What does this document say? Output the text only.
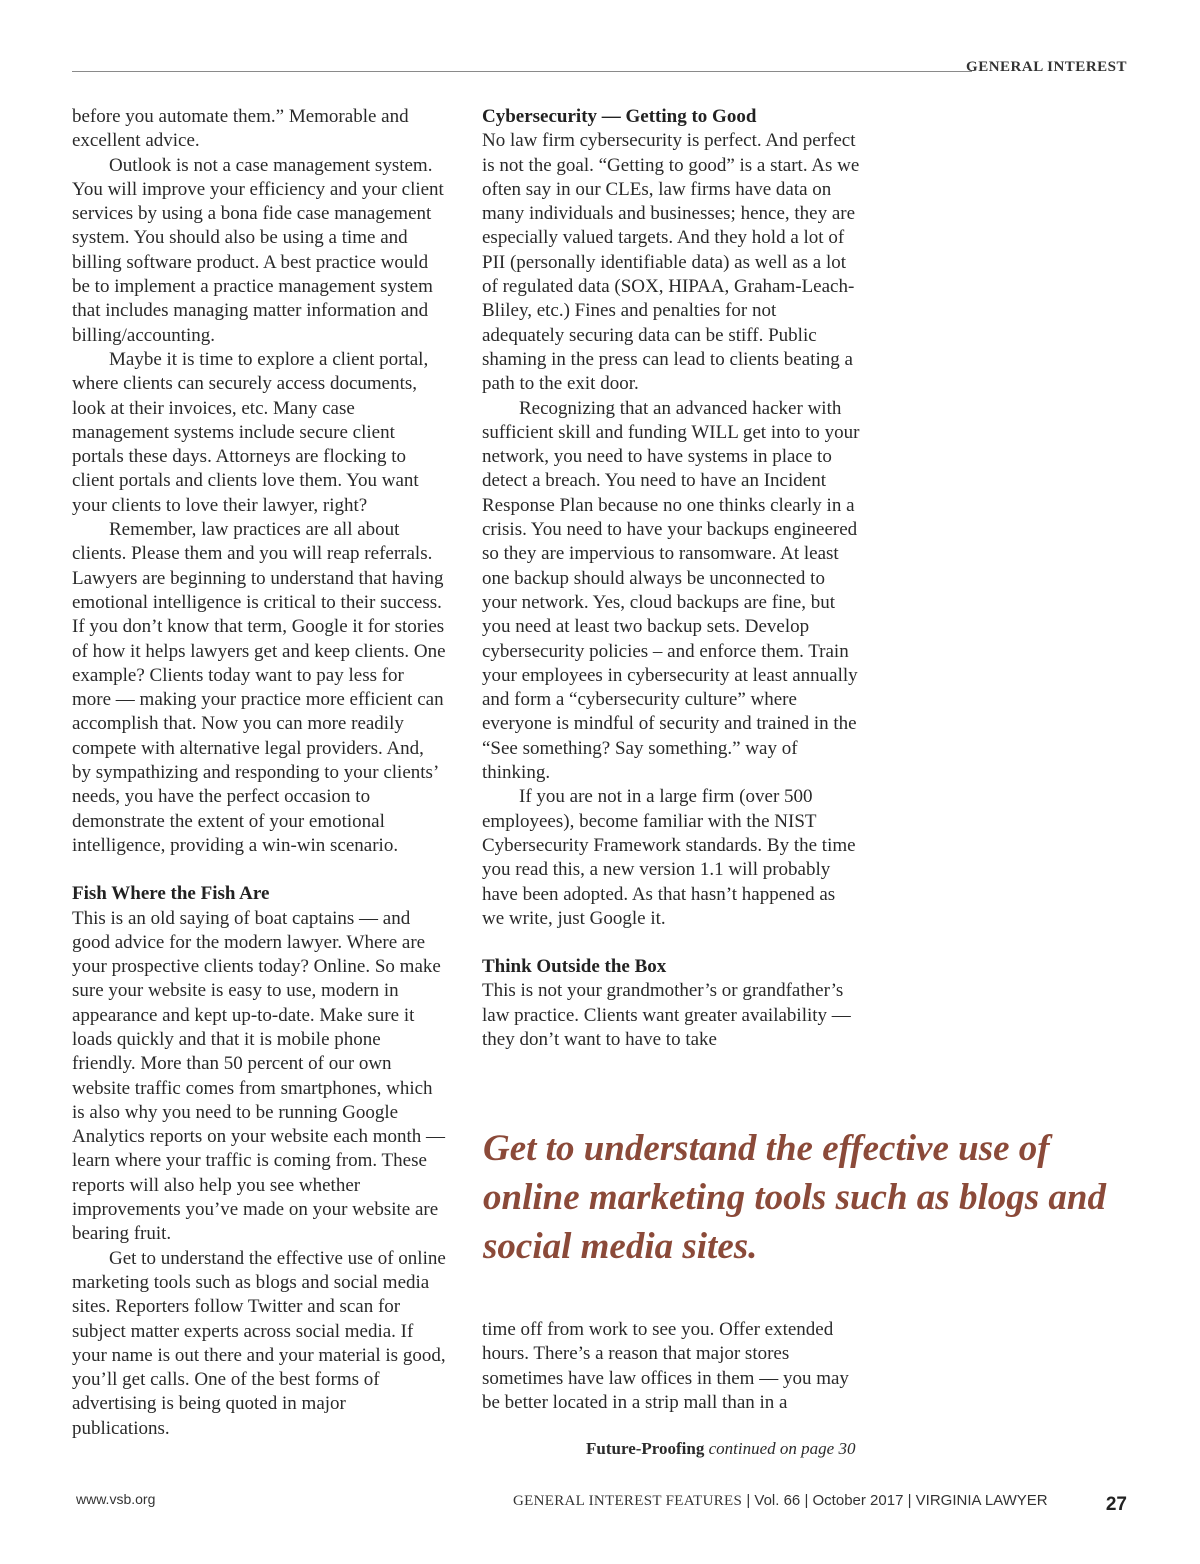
GENERAL INTEREST

before you automate them.” Memorable and excellent advice.

Outlook is not a case management system. You will improve your efficiency and your client services by using a bona fide case management system. You should also be using a time and billing software product. A best practice would be to implement a practice management system that includes managing matter information and billing/accounting.

Maybe it is time to explore a client portal, where clients can securely access documents, look at their invoices, etc. Many case management systems include secure client portals these days. Attorneys are flocking to client portals and clients love them. You want your clients to love their lawyer, right?

Remember, law practices are all about clients. Please them and you will reap referrals. Lawyers are beginning to understand that having emotional intelligence is critical to their success. If you don’t know that term, Google it for stories of how it helps lawyers get and keep clients. One example? Clients today want to pay less for more — making your practice more efficient can accomplish that. Now you can more readily compete with alternative legal providers. And, by sympathizing and responding to your clients’ needs, you have the perfect occasion to demonstrate the extent of your emotional intelligence, providing a win-win scenario.

Fish Where the Fish Are

This is an old saying of boat captains — and good advice for the modern lawyer. Where are your prospective clients today? Online. So make sure your website is easy to use, modern in appearance and kept up-to-date. Make sure it loads quickly and that it is mobile phone friendly. More than 50 percent of our own website traffic comes from smartphones, which is also why you need to be running Google Analytics reports on your website each month — learn where your traffic is coming from. These reports will also help you see whether improvements you’ve made on your website are bearing fruit.

Get to understand the effective use of online marketing tools such as blogs and social media sites. Reporters follow Twitter and scan for subject matter experts across social media. If your name is out there and your material is good, you’ll get calls. One of the best forms of advertising is being quoted in major publications.

Cybersecurity — Getting to Good

No law firm cybersecurity is perfect. And perfect is not the goal. “Getting to good” is a start. As we often say in our CLEs, law firms have data on many individuals and businesses; hence, they are especially valued targets. And they hold a lot of PII (personally identifiable data) as well as a lot of regulated data (SOX, HIPAA, Graham-Leach-Bliley, etc.) Fines and penalties for not adequately securing data can be stiff. Public shaming in the press can lead to clients beating a path to the exit door.

Recognizing that an advanced hacker with sufficient skill and funding WILL get into to your network, you need to have systems in place to detect a breach. You need to have an Incident Response Plan because no one thinks clearly in a crisis. You need to have your backups engineered so they are impervious to ransomware. At least one backup should always be unconnected to your network. Yes, cloud backups are fine, but you need at least two backup sets. Develop cybersecurity policies – and enforce them. Train your employees in cybersecurity at least annually and form a “cybersecurity culture” where everyone is mindful of security and trained in the “See something? Say something.” way of thinking.

If you are not in a large firm (over 500 employees), become familiar with the NIST Cybersecurity Framework standards. By the time you read this, a new version 1.1 will probably have been adopted. As that hasn’t happened as we write, just Google it.

Think Outside the Box

This is not your grandmother’s or grandfather’s law practice. Clients want greater availability — they don’t want to have to take

Get to understand the effective use of online marketing tools such as blogs and social media sites.

time off from work to see you. Offer extended hours. There’s a reason that major stores sometimes have law offices in them — you may be better located in a strip mall than in a

Future-Proofing continued on page 30
www.vsb.org	GENERAL INTEREST FEATURES | Vol. 66 | October 2017 | VIRGINIA LAWYER	27
